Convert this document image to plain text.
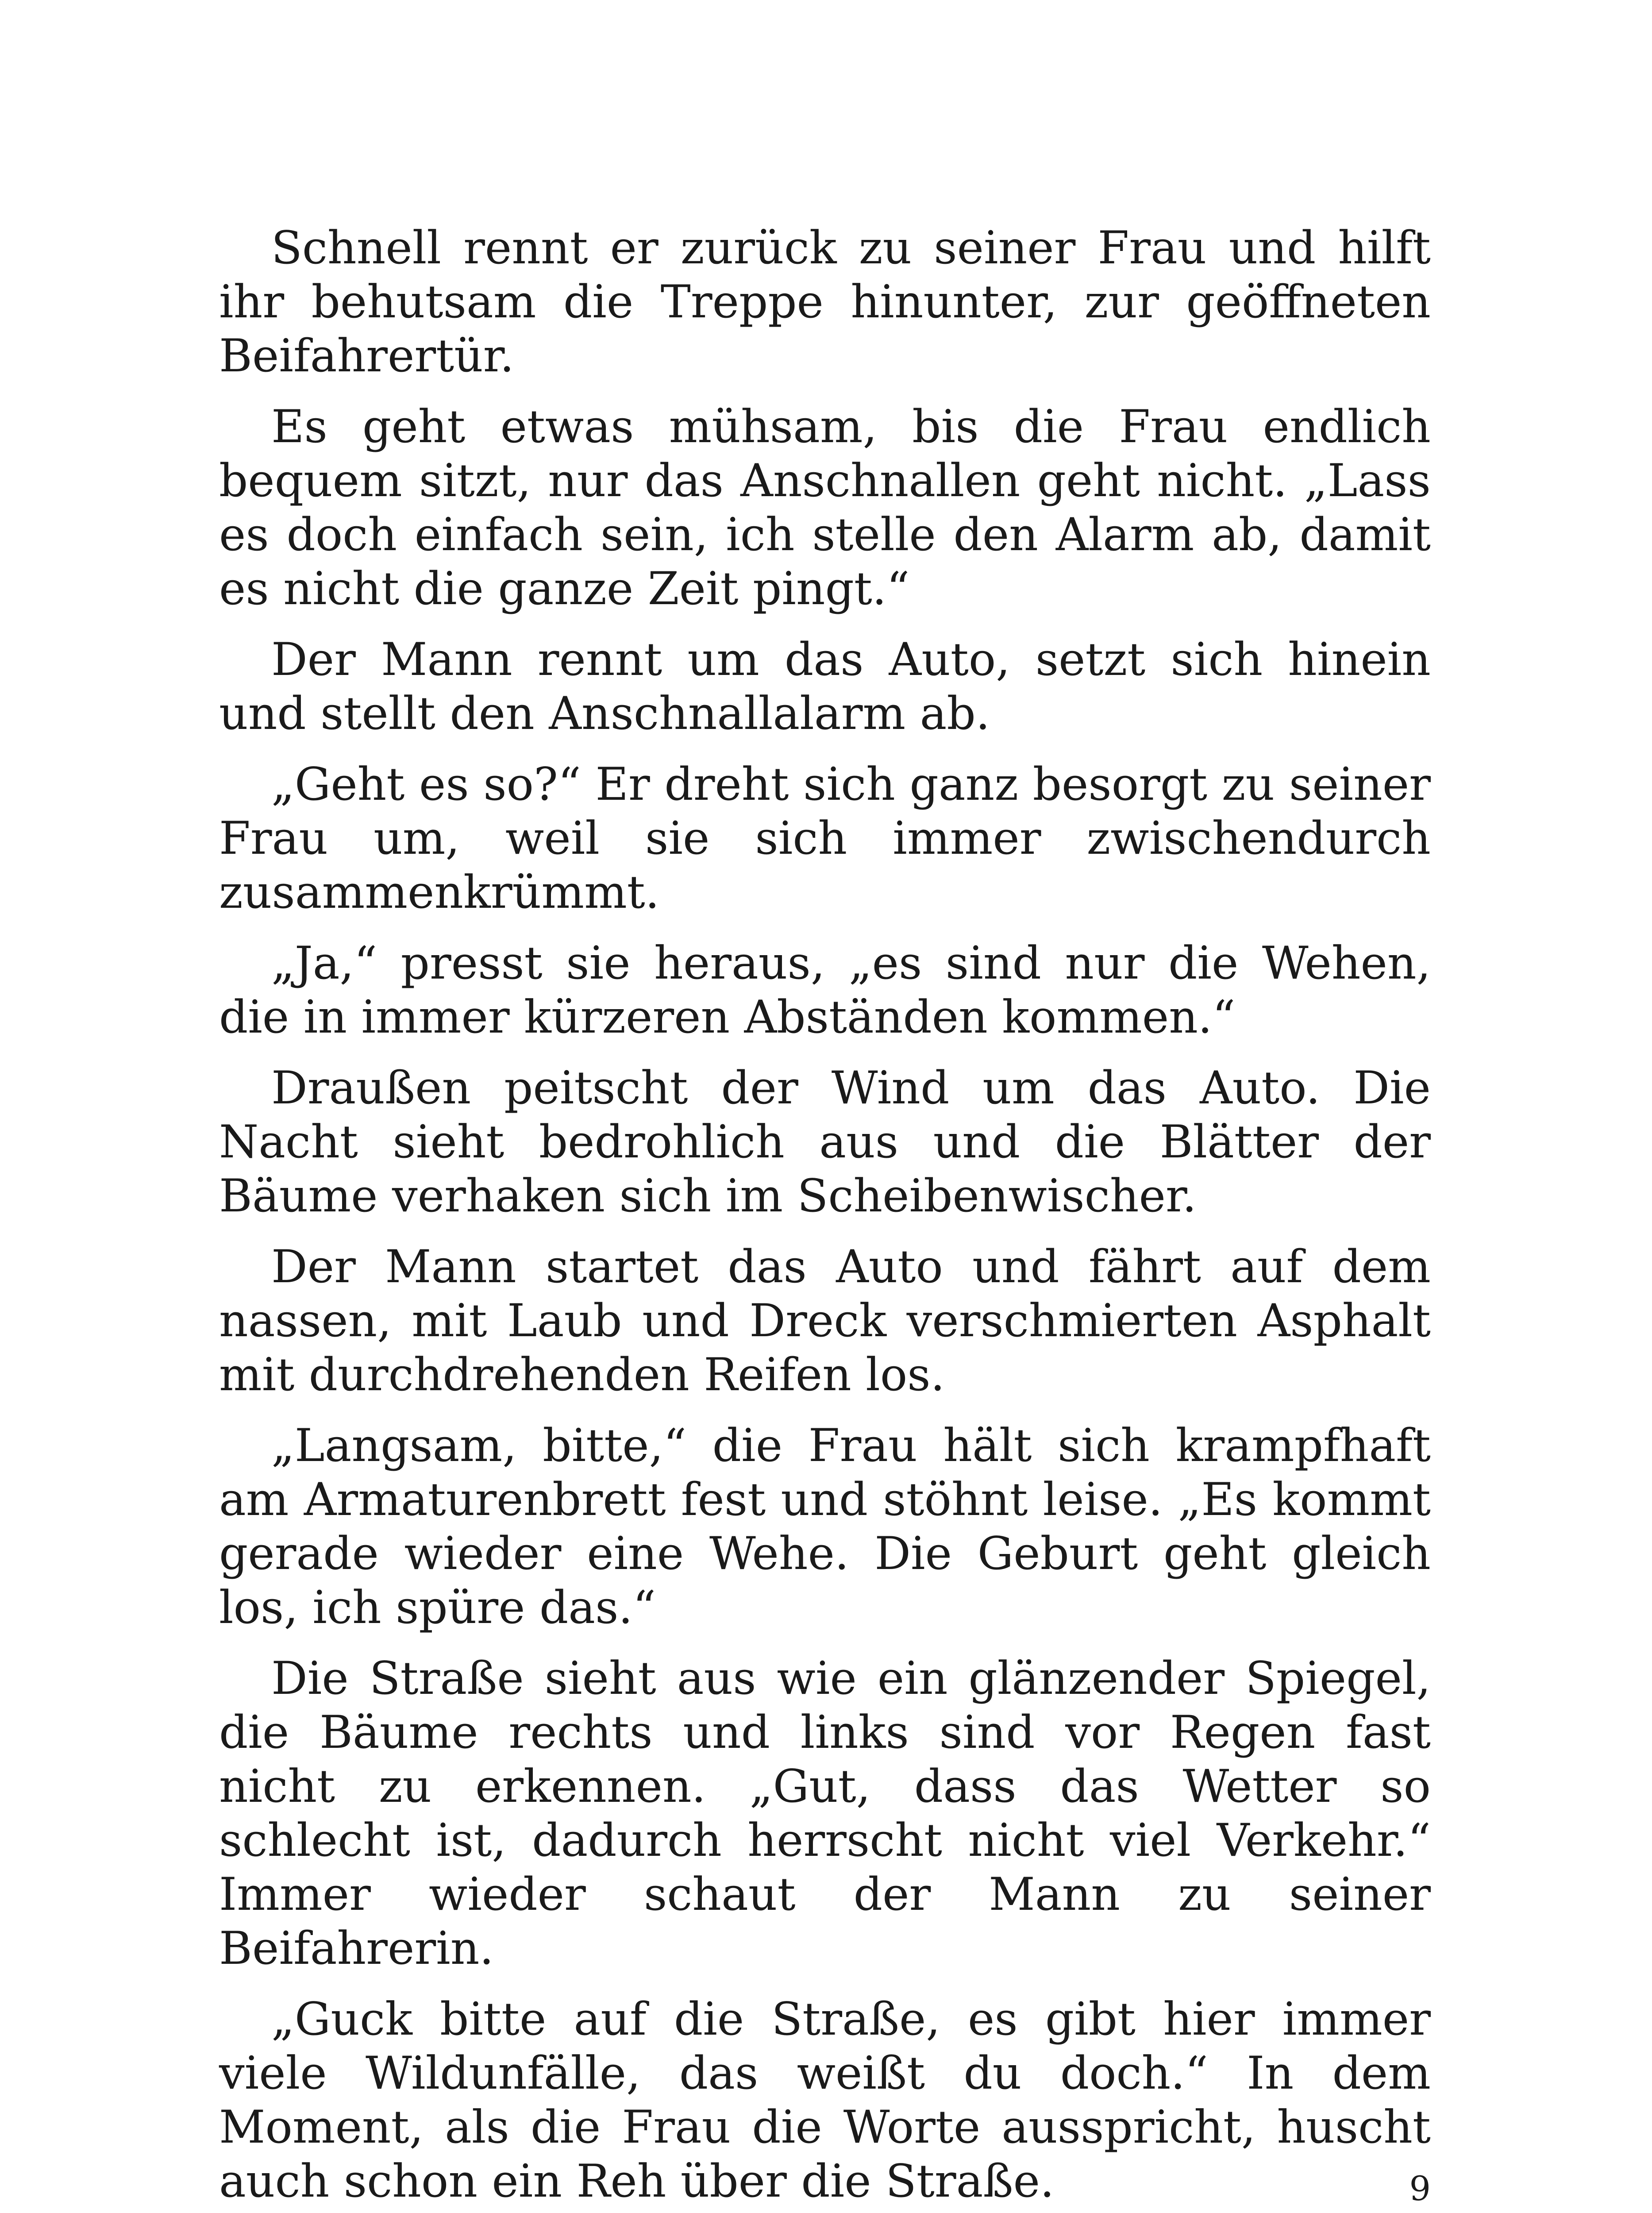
Schnell rennt er zurück zu seiner Frau und hilft ihr behutsam die Treppe hinunter, zur geöffneten Beifahrertür.

Es geht etwas mühsam, bis die Frau endlich bequem sitzt, nur das Anschnallen geht nicht. „Lass es doch einfach sein, ich stelle den Alarm ab, damit es nicht die ganze Zeit pingt.“

Der Mann rennt um das Auto, setzt sich hinein und stellt den Anschnallalarm ab.

„Geht es so?“ Er dreht sich ganz besorgt zu seiner Frau um, weil sie sich immer zwischendurch zusammenkrümmt.

„Ja,“ presst sie heraus, „es sind nur die Wehen, die in immer kürzeren Abständen kommen.“

Draußen peitscht der Wind um das Auto. Die Nacht sieht bedrohlich aus und die Blätter der Bäume verhaken sich im Scheibenwischer.

Der Mann startet das Auto und fährt auf dem nassen, mit Laub und Dreck verschmierten Asphalt mit durchdrehenden Reifen los.

„Langsam, bitte,“ die Frau hält sich krampfhaft am Armaturenbrett fest und stöhnt leise. „Es kommt gerade wieder eine Wehe. Die Geburt geht gleich los, ich spüre das.“

Die Straße sieht aus wie ein glänzender Spiegel, die Bäume rechts und links sind vor Regen fast nicht zu erkennen. „Gut, dass das Wetter so schlecht ist, dadurch herrscht nicht viel Verkehr.“ Immer wieder schaut der Mann zu seiner Beifahrerin.

„Guck bitte auf die Straße, es gibt hier immer viele Wildunfälle, das weißt du doch.“ In dem Moment, als die Frau die Worte ausspricht, huscht auch schon ein Reh über die Straße.	9
